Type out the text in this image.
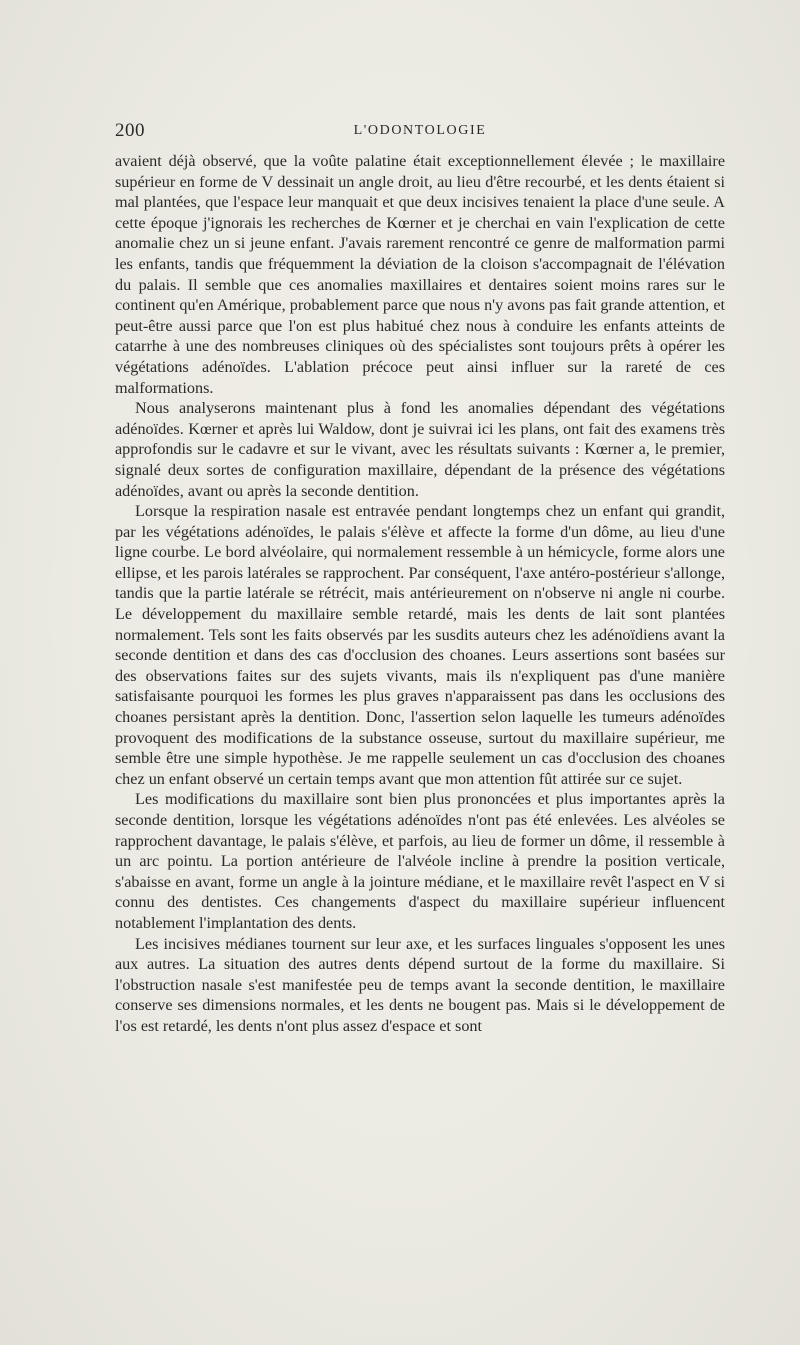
200	L'ODONTOLOGIE

avaient déjà observé, que la voûte palatine était exceptionnellement élevée ; le maxillaire supérieur en forme de V dessinait un angle droit, au lieu d'être recourbé, et les dents étaient si mal plantées, que l'espace leur manquait et que deux incisives tenaient la place d'une seule. A cette époque j'ignorais les recherches de Kœrner et je cherchai en vain l'explication de cette anomalie chez un si jeune enfant. J'avais rarement rencontré ce genre de malformation parmi les enfants, tandis que fréquemment la déviation de la cloison s'accompagnait de l'élévation du palais. Il semble que ces anomalies maxillaires et dentaires soient moins rares sur le continent qu'en Amérique, probablement parce que nous n'y avons pas fait grande attention, et peut-être aussi parce que l'on est plus habitué chez nous à conduire les enfants atteints de catarrhe à une des nombreuses cliniques où des spécialistes sont toujours prêts à opérer les végétations adénoïdes. L'ablation précoce peut ainsi influer sur la rareté de ces malformations.

Nous analyserons maintenant plus à fond les anomalies dépendant des végétations adénoïdes. Kœrner et après lui Waldow, dont je suivrai ici les plans, ont fait des examens très approfondis sur le cadavre et sur le vivant, avec les résultats suivants : Kœrner a, le premier, signalé deux sortes de configuration maxillaire, dépendant de la présence des végétations adénoïdes, avant ou après la seconde dentition.

Lorsque la respiration nasale est entravée pendant longtemps chez un enfant qui grandit, par les végétations adénoïdes, le palais s'élève et affecte la forme d'un dôme, au lieu d'une ligne courbe. Le bord alvéolaire, qui normalement ressemble à un hémicycle, forme alors une ellipse, et les parois latérales se rapprochent. Par conséquent, l'axe antéro-postérieur s'allonge, tandis que la partie latérale se rétrécit, mais antérieurement on n'observe ni angle ni courbe. Le développement du maxillaire semble retardé, mais les dents de lait sont plantées normalement. Tels sont les faits observés par les susdits auteurs chez les adénoïdiens avant la seconde dentition et dans des cas d'occlusion des choanes. Leurs assertions sont basées sur des observations faites sur des sujets vivants, mais ils n'expliquent pas d'une manière satisfaisante pourquoi les formes les plus graves n'apparaissent pas dans les occlusions des choanes persistant après la dentition. Donc, l'assertion selon laquelle les tumeurs adénoïdes provoquent des modifications de la substance osseuse, surtout du maxillaire supérieur, me semble être une simple hypothèse. Je me rappelle seulement un cas d'occlusion des choanes chez un enfant observé un certain temps avant que mon attention fût attirée sur ce sujet.

Les modifications du maxillaire sont bien plus prononcées et plus importantes après la seconde dentition, lorsque les végétations adénoïdes n'ont pas été enlevées. Les alvéoles se rapprochent davantage, le palais s'élève, et parfois, au lieu de former un dôme, il ressemble à un arc pointu. La portion antérieure de l'alvéole incline à prendre la position verticale, s'abaisse en avant, forme un angle à la jointure médiane, et le maxillaire revêt l'aspect en V si connu des dentistes. Ces changements d'aspect du maxillaire supérieur influencent notablement l'implantation des dents.

Les incisives médianes tournent sur leur axe, et les surfaces linguales s'opposent les unes aux autres. La situation des autres dents dépend surtout de la forme du maxillaire. Si l'obstruction nasale s'est manifestée peu de temps avant la seconde dentition, le maxillaire conserve ses dimensions normales, et les dents ne bougent pas. Mais si le développement de l'os est retardé, les dents n'ont plus assez d'espace et sont
